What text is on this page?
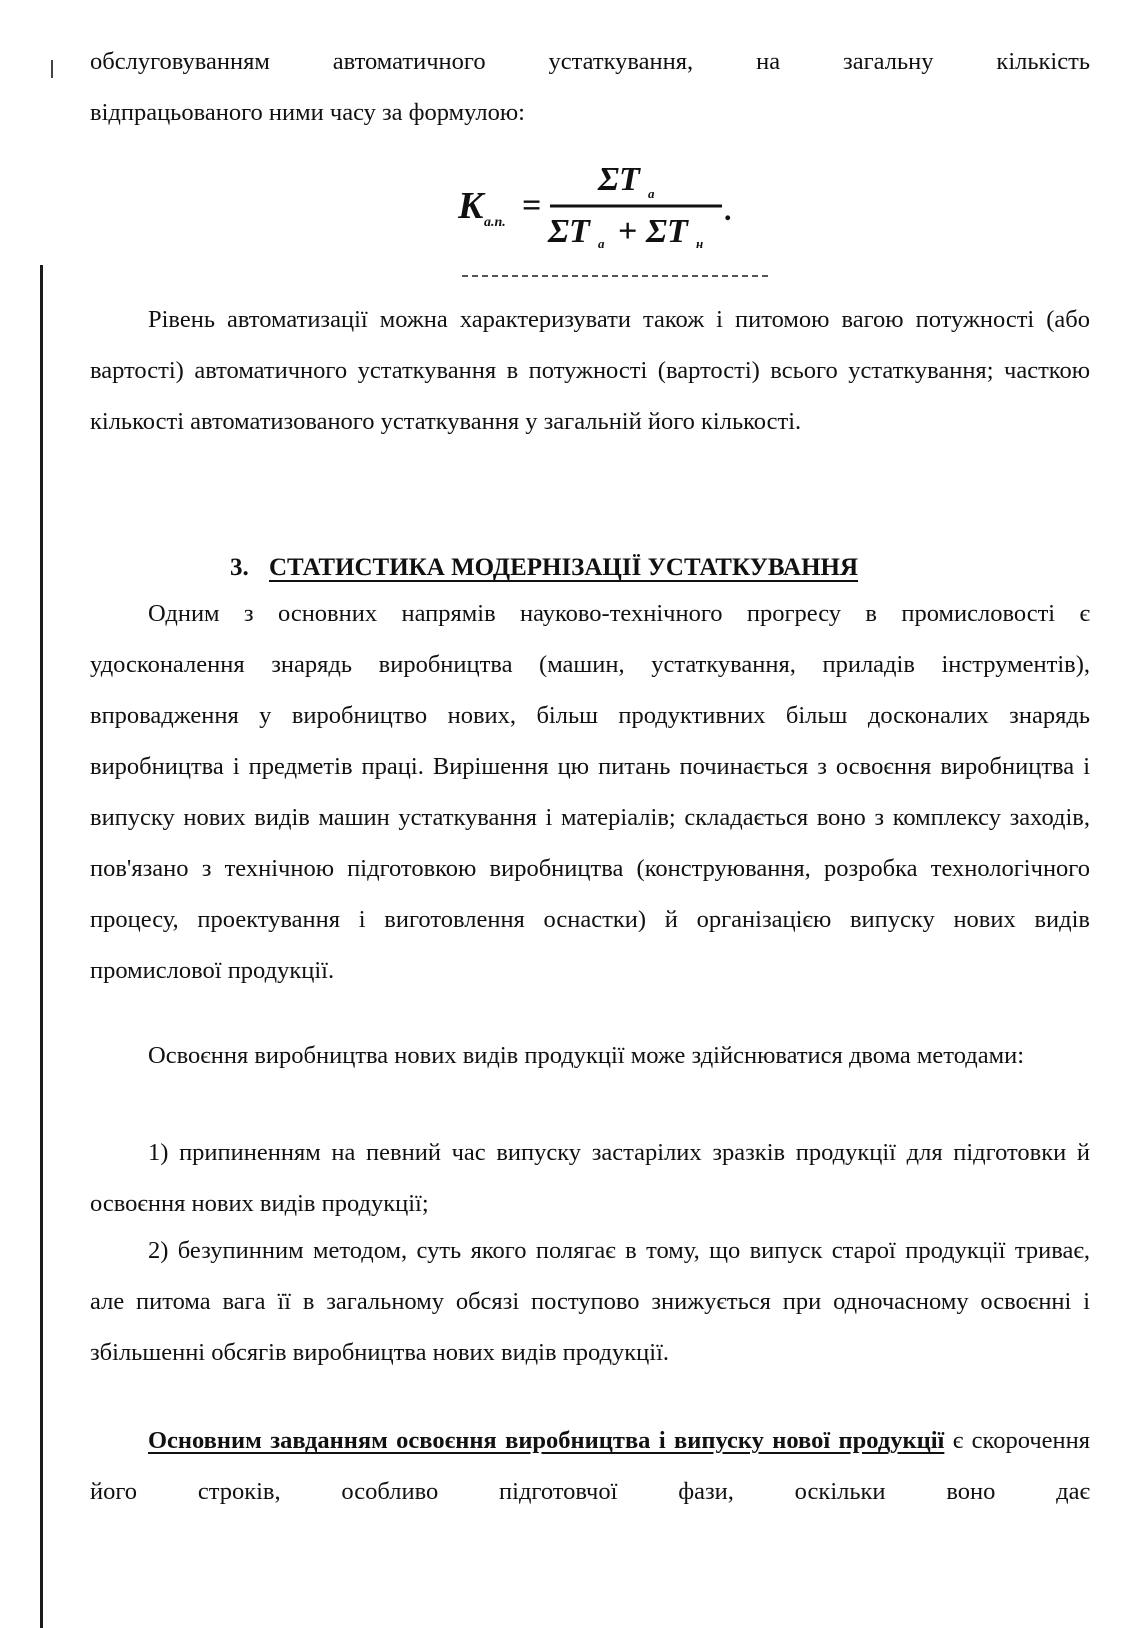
обслуговуванням автоматичного устаткування, на загальну кількість
відпрацьованого ними часу за формулою:
K а.п. =
ΣT а
ΣT а + ΣT н
.
Рівень автоматизації можна характеризувати також і питомою вагою потужності (або вартості) автоматичного устаткування в потужності (вартості) всього устаткування; часткою кількості автоматизованого устаткування у загальній його кількості.
3. СТАТИСТИКА МОДЕРНІЗАЦІЇ УСТАТКУВАННЯ
Одним з основних напрямів науково-технічного прогресу в промисловості є удосконалення знарядь виробництва (машин, устаткування, приладів інструментів), впровадження у виробництво нових, більш продуктивних більш досконалих знарядь виробництва і предметів праці. Вирішення цю питань починається з освоєння виробництва і випуску нових видів машин устаткування і матеріалів; складається воно з комплексу заходів, пов'язано з технічною підготовкою виробництва (конструювання, розробка технологічного процесу, проектування і виготовлення оснастки) й організацією випуску нових видів промислової продукції.
Освоєння виробництва нових видів продукції може здійснюватися двома методами:
1) припиненням на певний час випуску застарілих зразків продукції для підготовки й освоєння нових видів продукції;
2) безупинним методом, суть якого полягає в тому, що випуск старої продукції триває, але питома вага її в загальному обсязі поступово знижується при одночасному освоєнні і збільшенні обсягів виробництва нових видів продукції.
Основним завданням освоєння виробництва і випуску нової продукції є скорочення його строків, особливо підготовчої фази, оскільки воно дає
